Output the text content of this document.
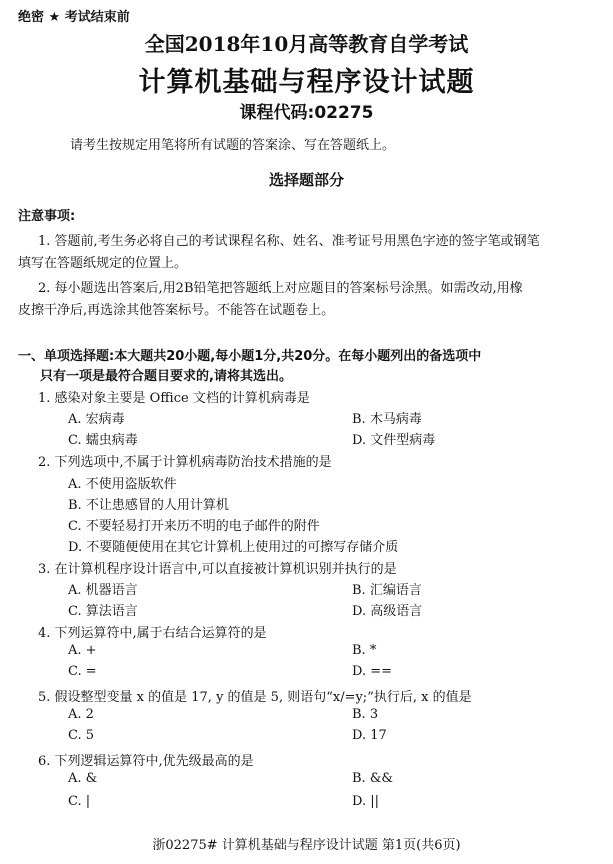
绝密 ★ 考试结束前
全国2018年10月高等教育自学考试
计算机基础与程序设计试题
课程代码:02275
请考生按规定用笔将所有试题的答案涂、写在答题纸上。
选择题部分
注意事项:
1. 答题前,考生务必将自己的考试课程名称、姓名、准考证号用黑色字迹的签字笔或钢笔
填写在答题纸规定的位置上。
2. 每小题选出答案后,用2B铅笔把答题纸上对应题目的答案标号涂黑。如需改动,用橡
皮擦干净后,再选涂其他答案标号。不能答在试题卷上。
一、单项选择题:本大题共20小题,每小题1分,共20分。在每小题列出的备选项中
只有一项是最符合题目要求的,请将其选出。
1. 感染对象主要是 Office 文档的计算机病毒是
A. 宏病毒	B. 木马病毒
C. 蠕虫病毒	D. 文件型病毒
2. 下列选项中,不属于计算机病毒防治技术措施的是
A. 不使用盗版软件
B. 不让患感冒的人用计算机
C. 不要轻易打开来历不明的电子邮件的附件
D. 不要随便使用在其它计算机上使用过的可擦写存储介质
3. 在计算机程序设计语言中,可以直接被计算机识别并执行的是
A. 机器语言	B. 汇编语言
C. 算法语言	D. 高级语言
4. 下列运算符中,属于右结合运算符的是
A. +	B. *
C. =	D. ==
5. 假设整型变量 x 的值是 17, y 的值是 5, 则语句“x/=y;”执行后, x 的值是
A. 2	B. 3
C. 5	D. 17
6. 下列逻辑运算符中,优先级最高的是
A. &	B. &&
C. |	D. ||
浙02275# 计算机基础与程序设计试题 第1页(共6页)
